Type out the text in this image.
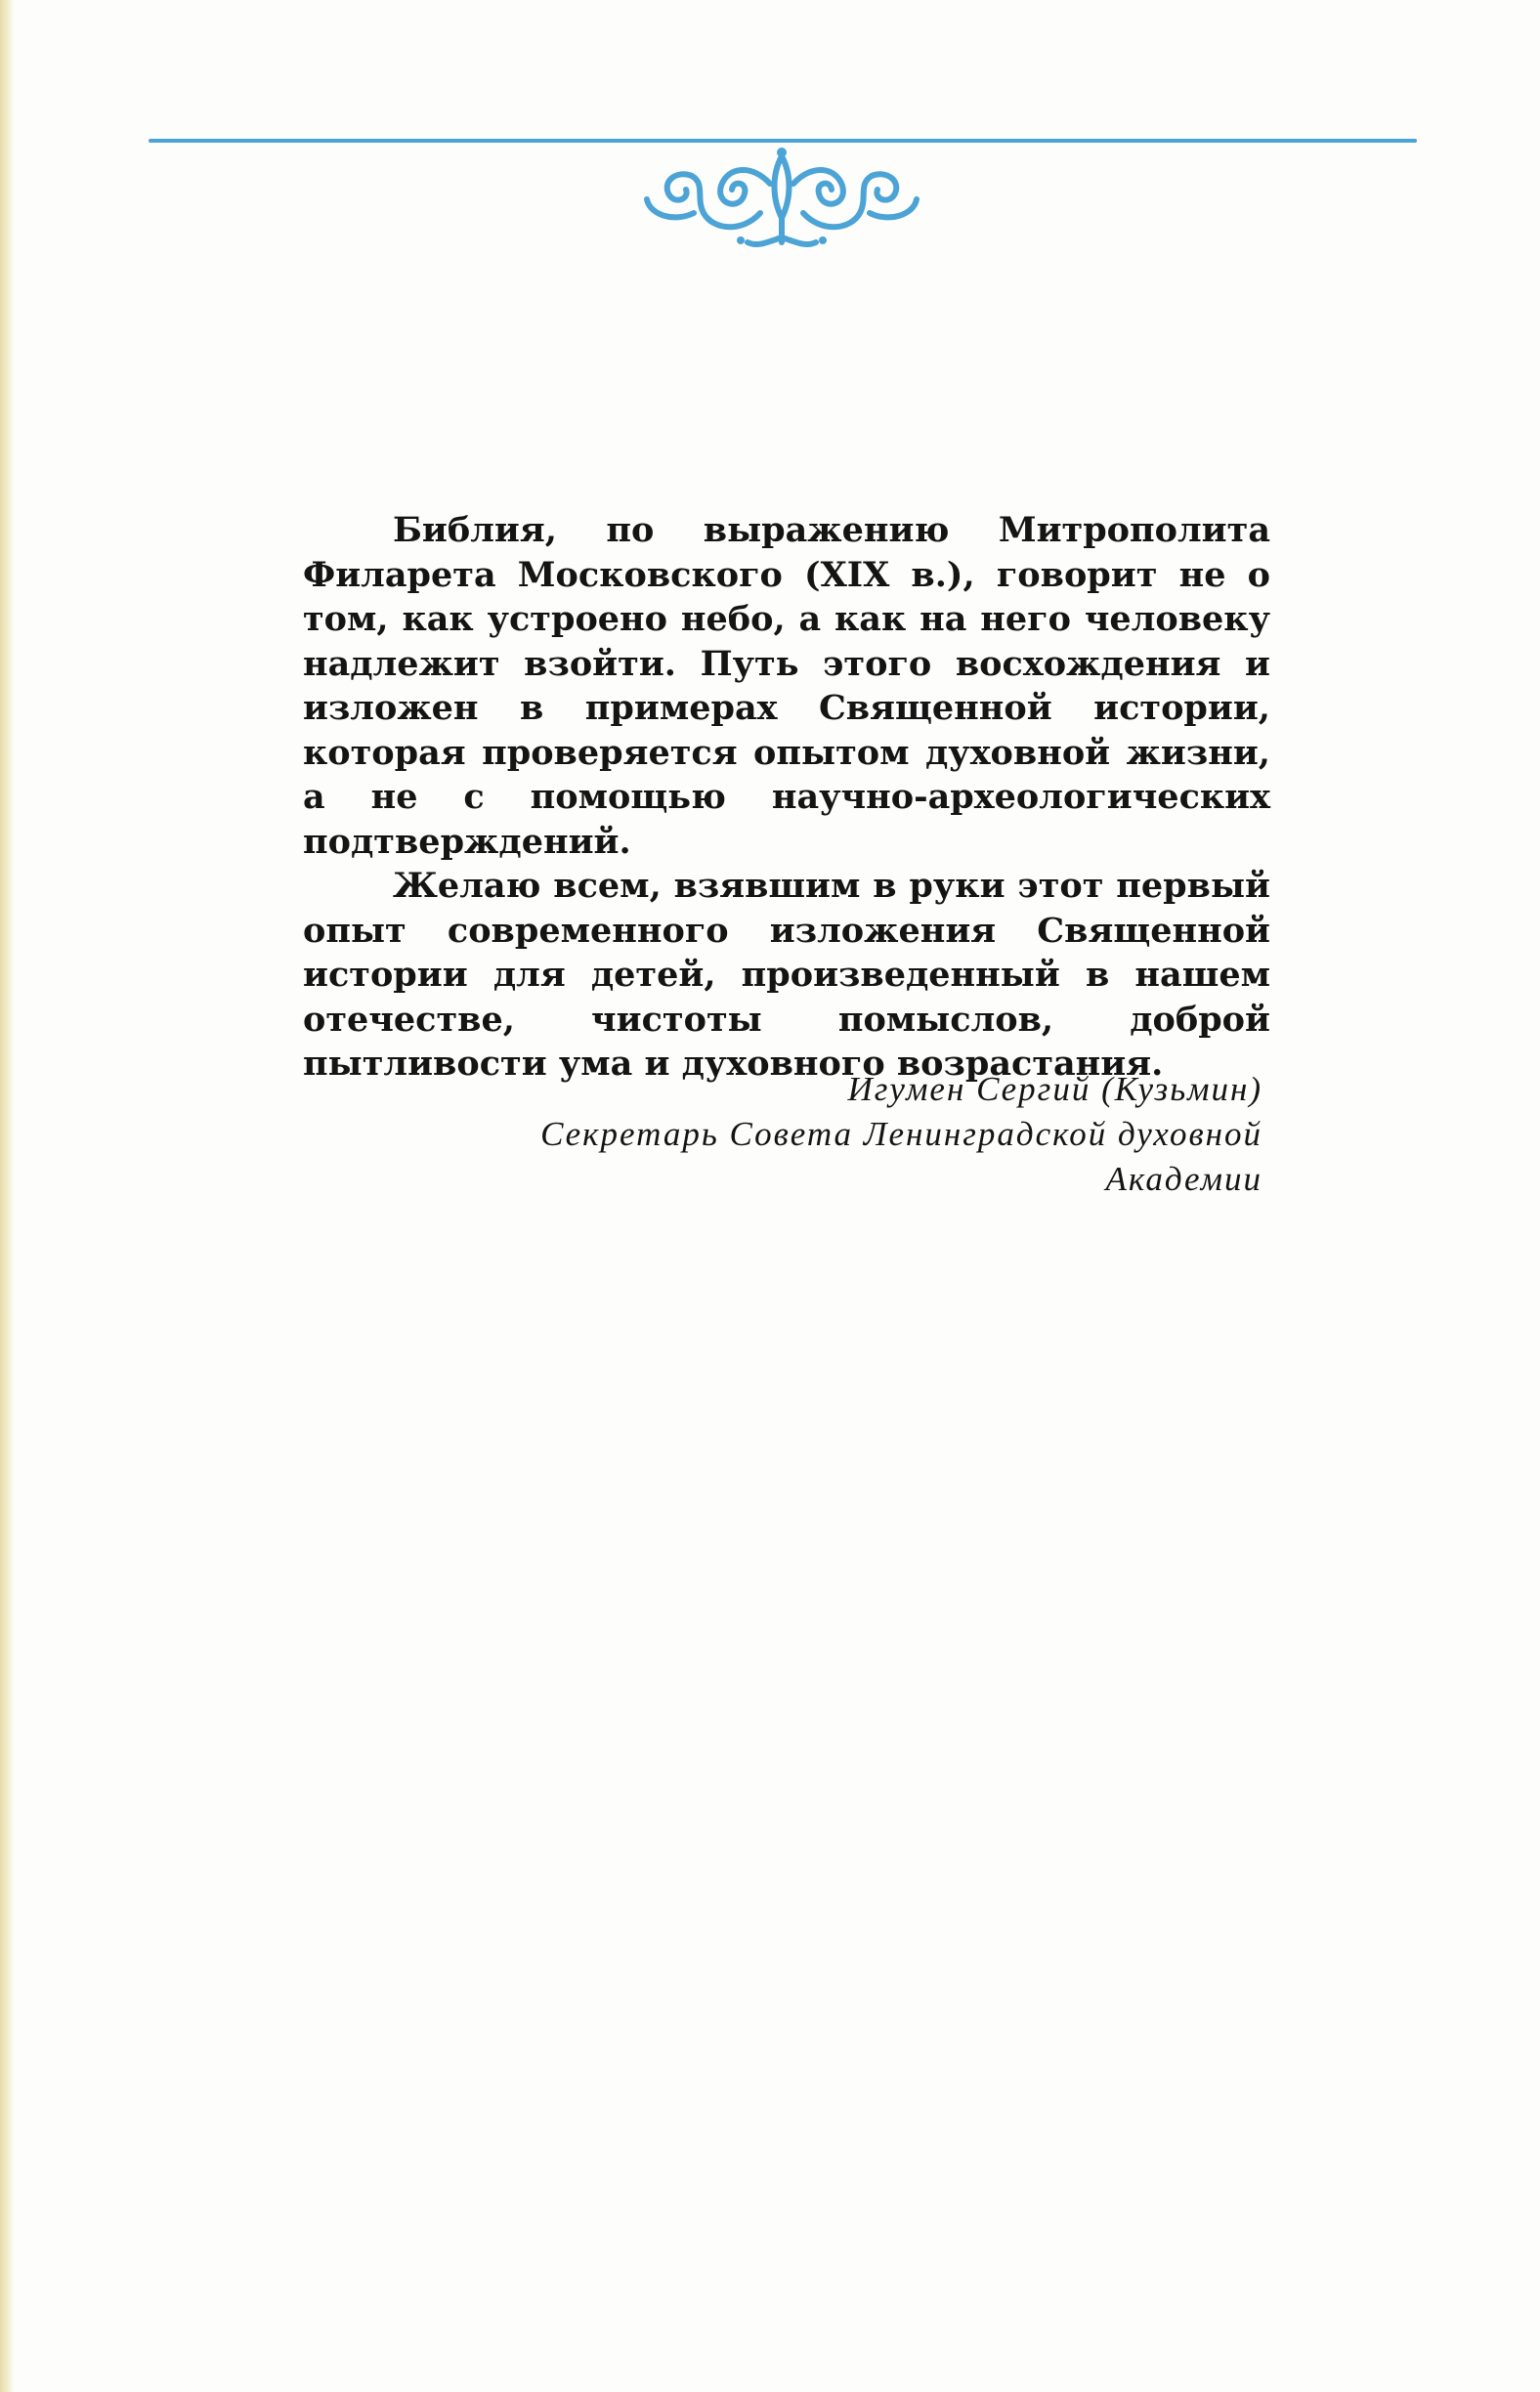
Библия, по выражению Митрополита Филарета Московского (XIX в.), говорит не о том, как устроено небо, а как на него человеку надлежит взойти. Путь этого восхождения и изложен в примерах Священной истории, которая проверяется опытом духовной жизни, а не с помощью научно-археологических подтверждений.

Желаю всем, взявшим в руки этот первый опыт современного изложения Священной истории для детей, произведенный в нашем отечестве, чистоты помыслов, доброй пытливости ума и духовного возрастания.

Игумен Сергий (Кузьмин)
Секретарь Совета Ленинградской духовной
Академии
